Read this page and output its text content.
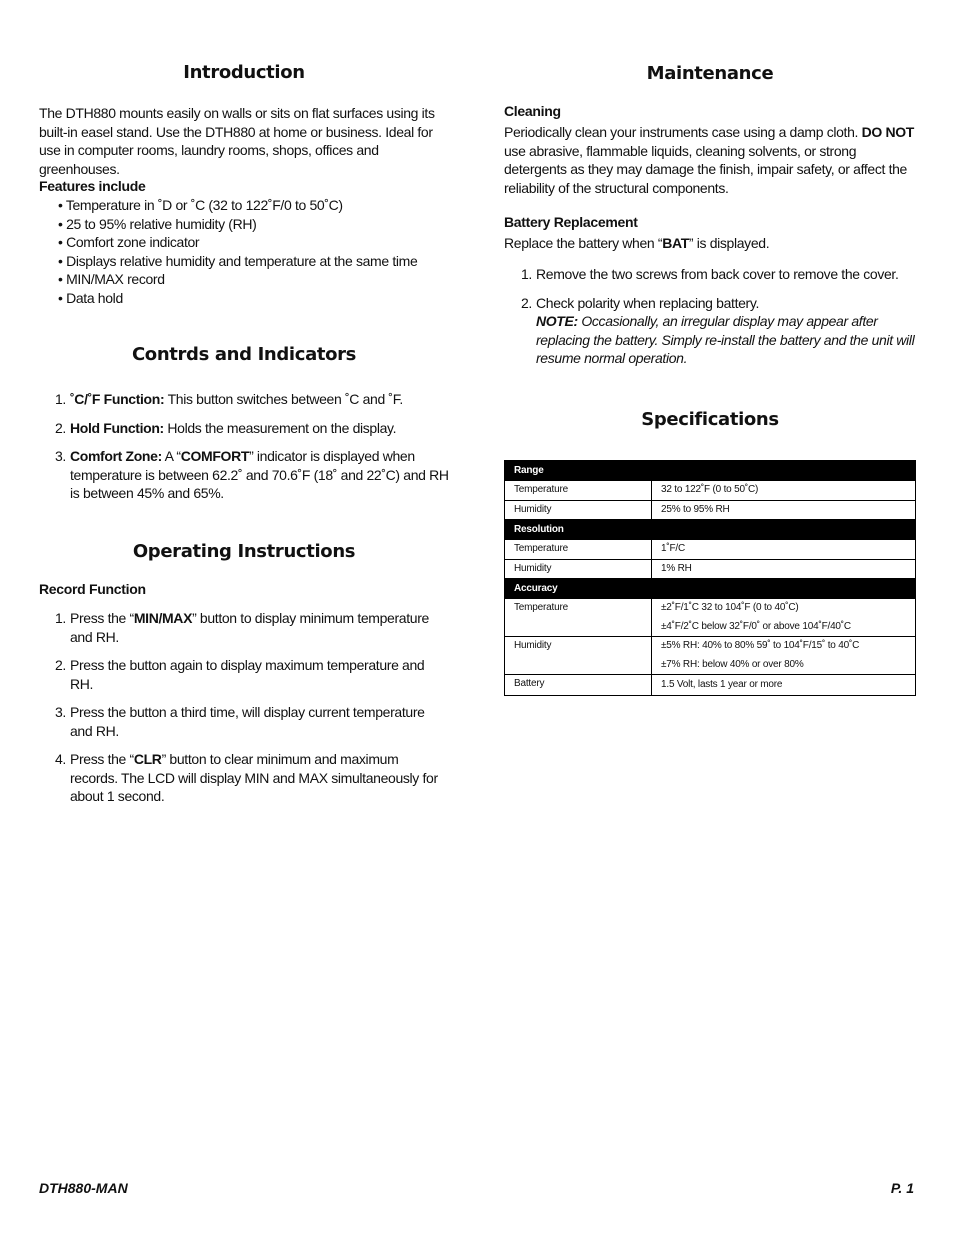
Introduction

The DTH880 mounts easily on walls or sits on flat surfaces using its built-in easel stand. Use the DTH880 at home or business. Ideal for use in computer rooms, laundry rooms, shops, offices and greenhouses.

Features include

• Temperature in ˚D or ˚C (32 to 122˚F/0 to 50˚C)
• 25 to 95% relative humidity (RH)
• Comfort zone indicator
• Displays relative humidity and temperature at the same time
• MIN/MAX record
• Data hold
Contrds and Indicators
1. ˚C/˚F Function: This button switches between ˚C and ˚F.
2. Hold Function: Holds the measurement on the display.
3. Comfort Zone: A “COMFORT” indicator is displayed when temperature is between 62.2˚ and 70.6˚F (18˚ and 22˚C) and RH is between 45% and 65%.
Operating Instructions

Record Function

1. Press the “MIN/MAX” button to display minimum temperature and RH.
2. Press the button again to display maximum temperature and RH.
3. Press the button a third time, will display current temperature and RH.
4. Press the “CLR” button to clear minimum and maximum records. The LCD will display MIN and MAX simultaneously for about 1 second.
Maintenance

Cleaning

Periodically clean your instruments case using a damp cloth. DO NOT use abrasive, flammable liquids, cleaning solvents, or strong detergents as they may damage the finish, impair safety, or affect the reliability of the structural components.

Battery Replacement

Replace the battery when “BAT” is displayed.

1. Remove the two screws from back cover to remove the cover.
2. Check polarity when replacing battery.
NOTE: Occasionally, an irregular display may appear after replacing the battery. Simply re-install the battery and the unit will resume normal operation.
Specifications
Range	
Temperature	32 to 122˚F (0 to 50˚C)
Humidity	25% to 95% RH
Resolution	
Temperature	1˚F/C
Humidity	1% RH
Accuracy	
Temperature	±2˚F/1˚C 32 to 104˚F (0 to 40˚C)
±4˚F/2˚C below 32˚F/0˚ or above 104˚F/40˚C

Humidity	±5% RH: 40% to 80% 59˚ to 104˚F/15˚ to 40˚C
±7% RH: below 40% or over 80%

Battery	1.5 Volt, lasts 1 year or more
DTH880-MAN	P. 1
